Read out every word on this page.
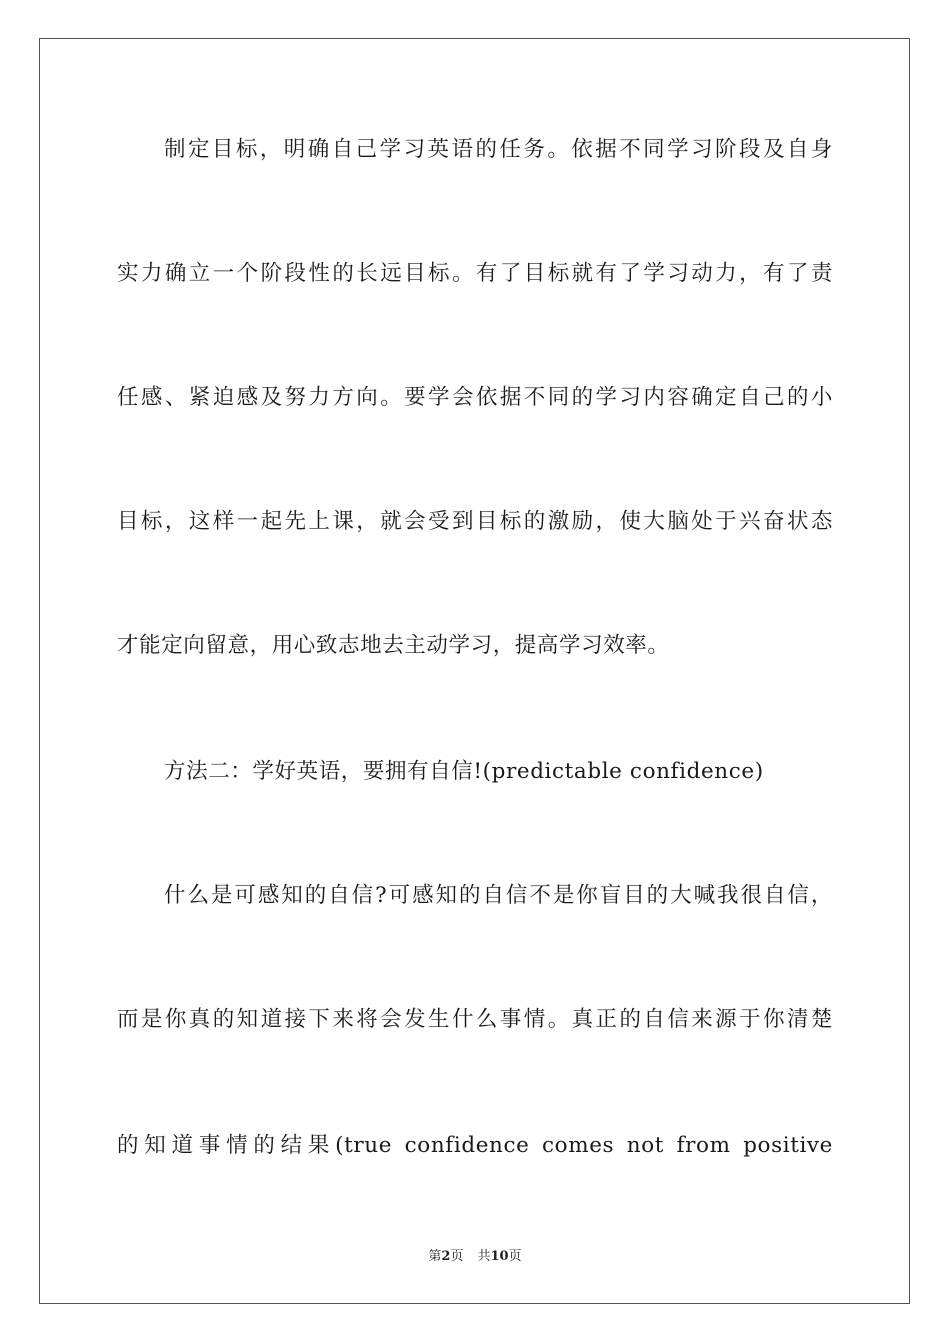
制定目标，明确自己学习英语的任务。依据不同学习阶段及自身
实力确立一个阶段性的长远目标。有了目标就有了学习动力，有了责
任感、紧迫感及努力方向。要学会依据不同的学习内容确定自己的小
目标，这样一起先上课，就会受到目标的激励，使大脑处于兴奋状态
才能定向留意，用心致志地去主动学习，提高学习效率。
方法二：学好英语，要拥有自信!(predictable confidence)
什么是可感知的自信?可感知的自信不是你盲目的大喊我很自信，
而是你真的知道接下来将会发生什么事情。真正的自信来源于你清楚
的知道事情的结果(true confidence comes not from positive
第2页 共10页
